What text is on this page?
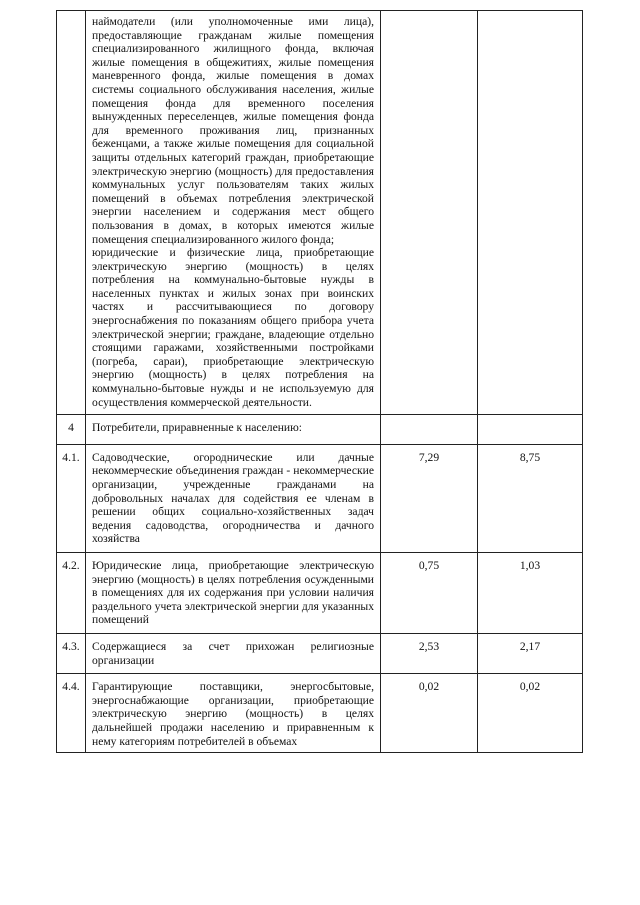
	наймодатели (или уполномоченные ими лица), предоставляющие гражданам жилые помещения специализированного жилищного фонда, включая жилые помещения в общежитиях, жилые помещения маневренного фонда, жилые помещения в домах системы социального обслуживания населения, жилые помещения фонда для временного поселения вынужденных переселенцев, жилые помещения фонда для временного проживания лиц, признанных беженцами, а также жилые помещения для социальной защиты отдельных категорий граждан, приобретающие электрическую энергию (мощность) для предоставления коммунальных услуг пользователям таких жилых помещений в объемах потребления электрической энергии населением и содержания мест общего пользования в домах, в которых имеются жилые помещения специализированного жилого фонда;

юридические и физические лица, приобретающие электрическую энергию (мощность) в целях потребления на коммунально-бытовые нужды в населенных пунктах и жилых зонах при воинских частях и рассчитывающиеся по договору энергоснабжения по показаниям общего прибора учета электрической энергии; граждане, владеющие отдельно стоящими гаражами, хозяйственными постройками (погреба, сараи), приобретающие электрическую энергию (мощность) в целях потребления на коммунально-бытовые нужды и не используемую для осуществления коммерческой деятельности.		

4	Потребители, приравненные к населению:		

4.1.	Садоводческие, огороднические или дачные некоммерческие объединения граждан - некоммерческие организации, учрежденные гражданами на добровольных началах для содействия ее членам в решении общих социально-хозяйственных задач ведения садоводства, огородничества и дачного хозяйства	7,29	8,75

4.2.	Юридические лица, приобретающие электрическую энергию (мощность) в целях потребления осужденными в помещениях для их содержания при условии наличия раздельного учета электрической энергии для указанных помещений	0,75	1,03

4.3.	Содержащиеся за счет прихожан религиозные организации	2,53	2,17

4.4.	Гарантирующие поставщики, энергосбытовые, энергоснабжающие организации, приобретающие электрическую энергию (мощность) в целях дальнейшей продажи населению и приравненным к нему категориям потребителей в объемах	0,02	0,02
